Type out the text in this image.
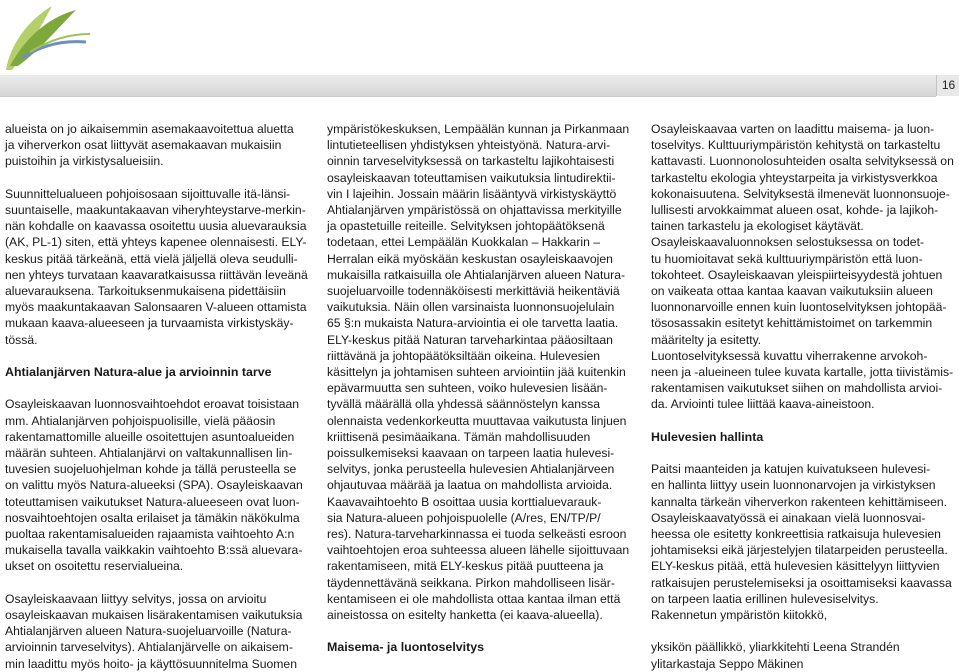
16
alueista on jo aikaisemmin asemakaavoitettua aluetta
ja viherverkon osat liittyvät asemakaavan mukaisiin
puistoihin ja virkistysalueisiin.
Suunnittelualueen pohjoisosaan sijoittuvalle itä-länsi-
suuntaiselle, maakuntakaavan viheryhteystarve-merkin-
nän kohdalle on kaavassa osoitettu uusia aluevarauksia
(AK, PL-1) siten, että yhteys kapenee olennaisesti. ELY-
keskus pitää tärkeänä, että vielä jäljellä oleva seudulli-
nen yhteys turvataan kaavaratkaisussa riittävän leveänä
aluevarauksena. Tarkoituksenmukaisena pidettäisiin
myös maakuntakaavan Salonsaaren V-alueen ottamista
mukaan kaava-alueeseen ja turvaamista virkistyskäy-
tössä.
Ahtialanjärven Natura-alue ja arvioinnin tarve
Osayleiskaavan luonnosvaihtoehdot eroavat toisistaan
mm. Ahtialanjärven pohjoispuolisille, vielä pääosin
rakentamattomille alueille osoitettujen asuntoalueiden
määrän suhteen. Ahtialanjärvi on valtakunnallisen lin-
tuvesien suojeluohjelman kohde ja tällä perusteella se
on valittu myös Natura-alueeksi (SPA). Osayleiskaavan
toteuttamisen vaikutukset Natura-alueeseen ovat luon-
nosvaihtoehtojen osalta erilaiset ja tämäkin näkökulma
puoltaa rakentamisalueiden rajaamista vaihtoehto A:n
mukaisella tavalla vaikkakin vaihtoehto B:ssä aluevara-
ukset on osoitettu reservialueina.
Osayleiskaavaan liittyy selvitys, jossa on arvioitu
osayleiskaavan mukaisen lisärakentamisen vaikutuksia
Ahtialanjärven alueen Natura-suojeluarvoille (Natura-
arvioinnin tarveselvitys). Ahtialanjärvelle on aikaisem-
min laadittu myös hoito- ja käyttösuunnitelma Suomen
ympäristökeskuksen, Lempäälän kunnan ja Pirkanmaan
lintutieteellisen yhdistyksen yhteistyönä. Natura-arvi-
oinnin tarveselvityksessä on tarkasteltu lajikohtaisesti
osayleiskaavan toteuttamisen vaikutuksia lintudirektii-
vin I lajeihin. Jossain määrin lisääntyvä virkistyskäyttö
Ahtialanjärven ympäristössä on ohjattavissa merkityille
ja opastetuille reiteille. Selvityksen johtopäätöksenä
todetaan, ettei Lempäälän Kuokkalan – Hakkarin –
Herralan eikä myöskään keskustan osayleiskaavojen
mukaisilla ratkaisuilla ole Ahtialanjärven alueen Natura-
suojeluarvoille todennäköisesti merkittäviä heikentäviä
vaikutuksia. Näin ollen varsinaista luonnonsuojelulain
65 §:n mukaista Natura-arviointia ei ole tarvetta laatia.
ELY-keskus pitää Naturan tarveharkintaa pääosiltaan
riittävänä ja johtopäätöksiltään oikeina. Hulevesien
käsittelyn ja johtamisen suhteen arviointiin jää kuitenkin
epävarmuutta sen suhteen, voiko hulevesien lisään-
tyvällä määrällä olla yhdessä säännöstelyn kanssa
olennaista vedenkorkeutta muuttavaa vaikutusta linjuen
kriittisenä pesimäaikana. Tämän mahdollisuuden
poissulkemiseksi kaavaan on tarpeen laatia hulevesi-
selvitys, jonka perusteella hulevesien Ahtialanjärveen
ohjautuvaa määrää ja laatua on mahdollista arvioida.
Kaavavaihtoehto B osoittaa uusia korttialuevarauk-
sia Natura-alueen pohjoispuolelle (A/res, EN/TP/P/
res). Natura-tarveharkinnassa ei tuoda selkeästi esroon
vaihtoehtojen eroa suhteessa alueen lähelle sijoittuvaan
rakentamiseen, mitä ELY-keskus pitää puutteena ja
täydennettävänä seikkana. Pirkon mahdolliseen lisär-
kentamiseen ei ole mahdollista ottaa kantaa ilman että
aineistossa on esitelty hanketta (ei kaava-alueella).
Maisema- ja luontoselvitys
Osayleiskaavaa varten on laadittu maisema- ja luon-
toselvitys. Kulttuuriympäristön kehitystä on tarkasteltu
kattavasti. Luonnonolosuhteiden osalta selvityksessä on
tarkasteltu ekologia yhteystarpeita ja virkistysverkkoa
kokonaisuutena. Selvityksestä ilmenevät luonnonsuoje-
lullisesti arvokkaimmat alueen osat, kohde- ja lajikoh-
tainen tarkastelu ja ekologiset käytävät.
Osayleiskaavaluonnoksen selostuksessa on todet-
tu huomioitavat sekä kulttuuriympäristön että luon-
tokohteet. Osayleiskaavan yleispiirteisyydestä johtuen
on vaikeata ottaa kantaa kaavan vaikutuksiin alueen
luonnonarvoille ennen kuin luontoselvityksen johtopää-
tösosassakin esitetyt kehittämistoimet on tarkemmin
määritelty ja esitetty.
Luontoselvityksessä kuvattu viherrakenne arvokoh-
neen ja -alueineen tulee kuvata kartalle, jotta tiivistämis-
rakentamisen vaikutukset siihen on mahdollista arvioi-
da. Arviointi tulee liittää kaava-aineistoon.
Hulevesien hallinta
Paitsi maanteiden ja katujen kuivatukseen hulevesi-
en hallinta liittyy usein luonnonarvojen ja virkistyksen
kannalta tärkeän viherverkon rakenteen kehittämiseen.
Osayleiskaavatyössä ei ainakaan vielä luonnosvai-
heessa ole esitetty konkreettisia ratkaisuja hulevesien
johtamiseksi eikä järjestelyjen tilatarpeiden perusteella.
ELY-keskus pitää, että hulevesien käsittelyyn liittyvien
ratkaisujen perustelemiseksi ja osoittamiseksi kaavassa
on tarpeen laatia erillinen hulevesiselvitys.
Rakennetun ympäristön kiitokkö,
yksikön päällikkö, yliarkkitehti Leena Strandén
ylitarkastaja Seppo Mäkinen
